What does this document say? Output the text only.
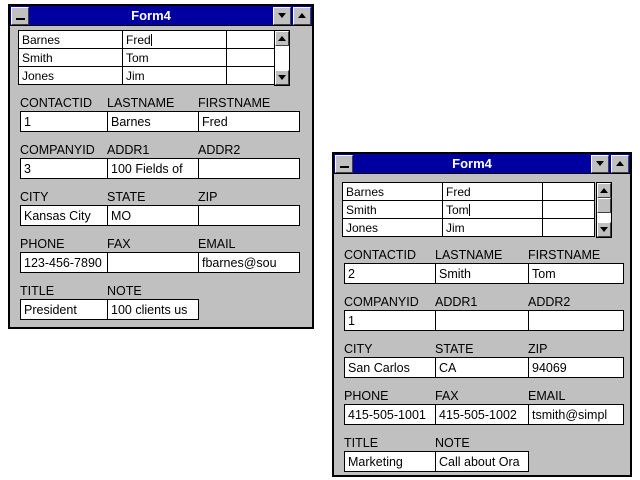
Form4
Barnes
Smith
Jones
Fred
Tom
Jim
CONTACTID
1
LASTNAME
Barnes
FIRSTNAME
Fred
COMPANYID
3
ADDR1
100 Fields of
ADDR2
CITY
Kansas City
STATE
MO
ZIP
PHONE
123-456-7890
FAX	EMAIL
fbarnes@sou
TITLE
President
NOTE
100 clients us
Form4
Barnes
Smith
Jones
Fred
Tom
Jim
CONTACTID
2
LASTNAME
Smith
FIRSTNAME
Tom
COMPANYID
1
ADDR1	ADDR2
CITY
San Carlos
STATE
CA
ZIP
94069
PHONE
415-505-1001
FAX
415-505-1002
EMAIL
tsmith@simpl
TITLE
Marketing
NOTE
Call about Ora
